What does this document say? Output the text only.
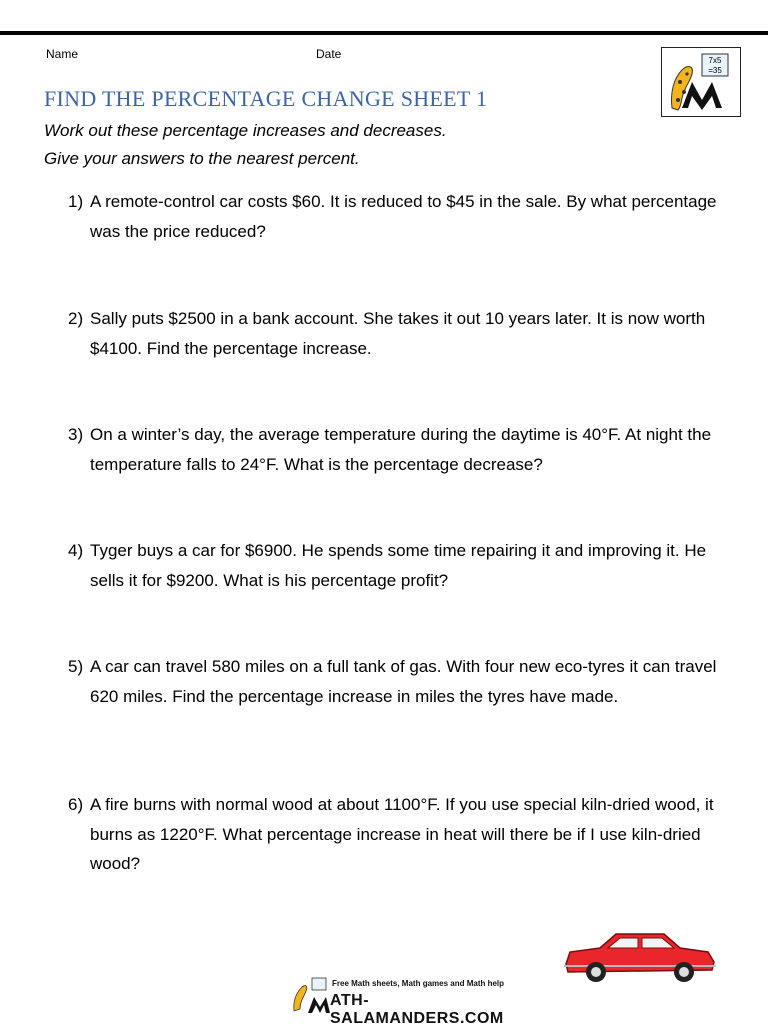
Name	Date	7x5
=35
FIND THE PERCENTAGE CHANGE SHEET 1
Work out these percentage increases and decreases.
Give your answers to the nearest percent.
1) A remote-control car costs $60. It is reduced to $45 in the sale. By what percentage was the price reduced?
2) Sally puts $2500 in a bank account. She takes it out 10 years later. It is now worth $4100. Find the percentage increase.
3) On a winter’s day, the average temperature during the daytime is 40°F. At night the temperature falls to 24°F. What is the percentage decrease?
4) Tyger buys a car for $6900. He spends some time repairing it and improving it. He sells it for $9200. What is his percentage profit?
5) A car can travel 580 miles on a full tank of gas. With four new eco-tyres it can travel 620 miles. Find the percentage increase in miles the tyres have made.
6) A fire burns with normal wood at about 1100°F. If you use special kiln-dried wood, it burns as 1220°F. What percentage increase in heat will there be if I use kiln-dried wood?
Free Math sheets, Math games and Math help
ATH-SALAMANDERS.COM
